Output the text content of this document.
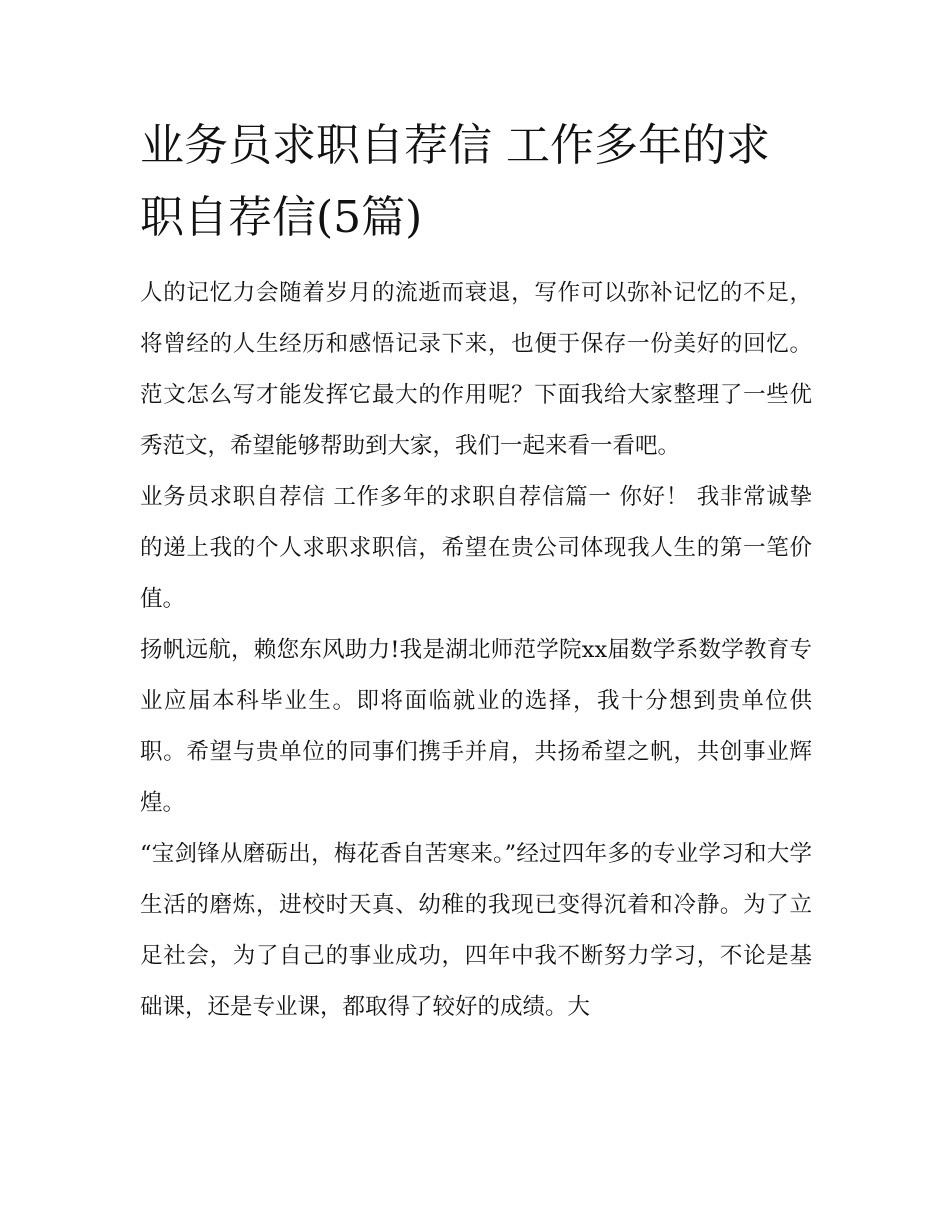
业务员求职自荐信 工作多年的求职自荐信(5篇)

人的记忆力会随着岁月的流逝而衰退，写作可以弥补记忆的不足，将曾经的人生经历和感悟记录下来，也便于保存一份美好的回忆。范文怎么写才能发挥它最大的作用呢？下面我给大家整理了一些优秀范文，希望能够帮助到大家，我们一起来看一看吧。

业务员求职自荐信 工作多年的求职自荐信篇一 你好！ 我非常诚挚的递上我的个人求职求职信，希望在贵公司体现我人生的第一笔价值。

扬帆远航，赖您东风助力!我是湖北师范学院xx届数学系数学教育专业应届本科毕业生。即将面临就业的选择，我十分想到贵单位供职。希望与贵单位的同事们携手并肩，共扬希望之帆，共创事业辉煌。

“宝剑锋从磨砺出，梅花香自苦寒来。”经过四年多的专业学习和大学生活的磨炼，进校时天真、幼稚的我现已变得沉着和冷静。为了立足社会，为了自己的事业成功，四年中我不断努力学习，不论是基础课，还是专业课，都取得了较好的成绩。大
